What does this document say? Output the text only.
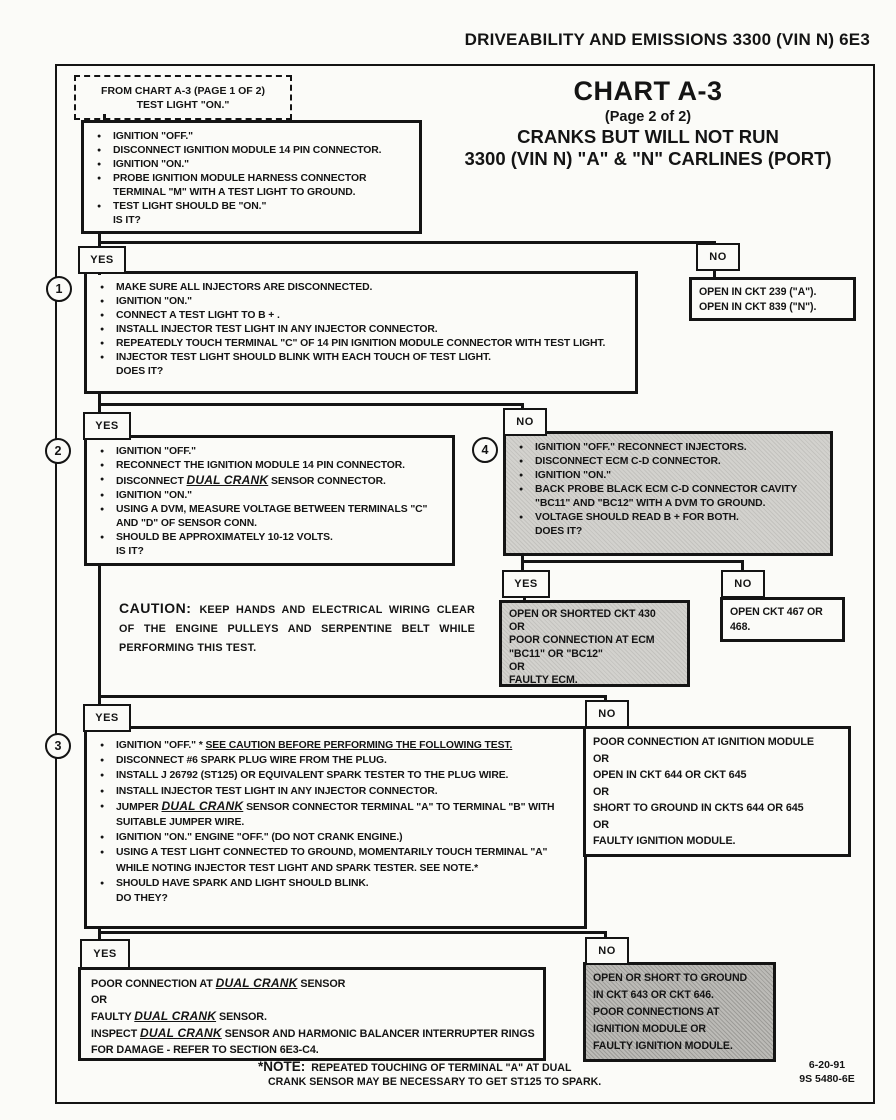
DRIVEABILITY AND EMISSIONS 3300 (VIN N) 6E3
CHART A-3
(Page 2 of 2)
CRANKS BUT WILL NOT RUN
3300 (VIN N) "A" & "N" CARLINES (PORT)
FROM CHART A-3 (PAGE 1 OF 2)
TEST LIGHT "ON."
● IGNITION "OFF."
● DISCONNECT IGNITION MODULE 14 PIN CONNECTOR.
● IGNITION "ON."
● PROBE IGNITION MODULE HARNESS CONNECTOR TERMINAL "M" WITH A TEST LIGHT TO GROUND.
● TEST LIGHT SHOULD BE "ON."
IS IT?
YES	NO
OPEN IN CKT 239 ("A").
OPEN IN CKT 839 ("N").
1	● MAKE SURE ALL INJECTORS ARE DISCONNECTED.
● IGNITION "ON."
● CONNECT A TEST LIGHT TO B + .
● INSTALL INJECTOR TEST LIGHT IN ANY INJECTOR CONNECTOR.
● REPEATEDLY TOUCH TERMINAL "C" OF 14 PIN IGNITION MODULE CONNECTOR WITH TEST LIGHT.
● INJECTOR TEST LIGHT SHOULD BLINK WITH EACH TOUCH OF TEST LIGHT.
DOES IT?
YES	NO
2	● IGNITION "OFF."
● RECONNECT THE IGNITION MODULE 14 PIN CONNECTOR.
● DISCONNECT DUAL CRANK SENSOR CONNECTOR.
● IGNITION "ON."
● USING A DVM, MEASURE VOLTAGE BETWEEN TERMINALS "C" AND "D" OF SENSOR CONN.
● SHOULD BE APPROXIMATELY 10-12 VOLTS.
IS IT?
4	● IGNITION "OFF." RECONNECT INJECTORS.
● DISCONNECT ECM C-D CONNECTOR.
● IGNITION "ON."
● BACK PROBE BLACK ECM C-D CONNECTOR CAVITY "BC11" AND "BC12" WITH A DVM TO GROUND.
● VOLTAGE SHOULD READ B + FOR BOTH.
DOES IT?
YES	NO
OPEN OR SHORTED CKT 430
OR
POOR CONNECTION AT ECM
"BC11" OR "BC12"
OR
FAULTY ECM.
OPEN CKT 467 OR 468.
CAUTION: KEEP HANDS AND ELECTRICAL WIRING CLEAR OF THE ENGINE PULLEYS AND SERPENTINE BELT WHILE PERFORMING THIS TEST.
YES	NO
3	● IGNITION "OFF." * SEE CAUTION BEFORE PERFORMING THE FOLLOWING TEST.
● DISCONNECT #6 SPARK PLUG WIRE FROM THE PLUG.
● INSTALL J 26792 (ST125) OR EQUIVALENT SPARK TESTER TO THE PLUG WIRE.
● INSTALL INJECTOR TEST LIGHT IN ANY INJECTOR CONNECTOR.
● JUMPER DUAL CRANK SENSOR CONNECTOR TERMINAL "A" TO TERMINAL "B" WITH SUITABLE JUMPER WIRE.
● IGNITION "ON." ENGINE "OFF." (DO NOT CRANK ENGINE.)
● USING A TEST LIGHT CONNECTED TO GROUND, MOMENTARILY TOUCH TERMINAL "A" WHILE NOTING INJECTOR TEST LIGHT AND SPARK TESTER. SEE NOTE.*
● SHOULD HAVE SPARK AND LIGHT SHOULD BLINK.
DO THEY?
POOR CONNECTION AT IGNITION MODULE
OR
OPEN IN CKT 644 OR CKT 645
OR
SHORT TO GROUND IN CKTS 644 OR 645
OR
FAULTY IGNITION MODULE.
YES	NO
POOR CONNECTION AT DUAL CRANK SENSOR
OR
FAULTY DUAL CRANK SENSOR.
INSPECT DUAL CRANK SENSOR AND HARMONIC BALANCER INTERRUPTER RINGS FOR DAMAGE - REFER TO SECTION 6E3-C4.
OPEN OR SHORT TO GROUND
IN CKT 643 OR CKT 646.
POOR CONNECTIONS AT
IGNITION MODULE OR
FAULTY IGNITION MODULE.
*NOTE: REPEATED TOUCHING OF TERMINAL "A" AT DUAL
CRANK SENSOR MAY BE NECESSARY TO GET ST125 TO SPARK.
6-20-91
9S 5480-6E
